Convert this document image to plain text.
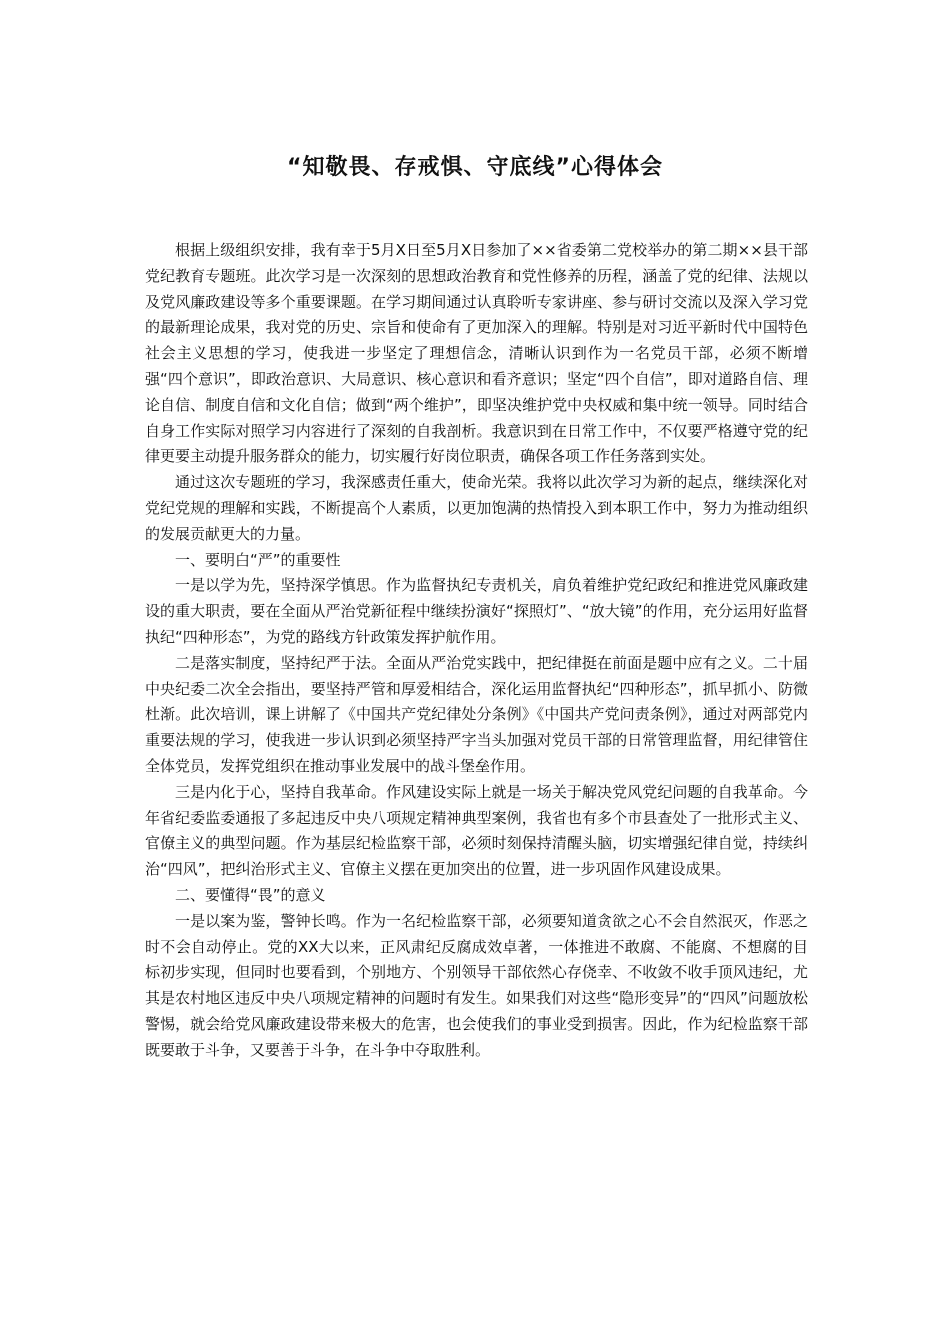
“知敬畏、存戒惧、守底线”心得体会

根据上级组织安排，我有幸于5月X日至5月X日参加了××省委第二党校举办的第二期××县干部党纪教育专题班。此次学习是一次深刻的思想政治教育和党性修养的历程，涵盖了党的纪律、法规以及党风廉政建设等多个重要课题。在学习期间通过认真聆听专家讲座、参与研讨交流以及深入学习党的最新理论成果，我对党的历史、宗旨和使命有了更加深入的理解。特别是对习近平新时代中国特色社会主义思想的学习，使我进一步坚定了理想信念，清晰认识到作为一名党员干部，必须不断增强“四个意识”，即政治意识、大局意识、核心意识和看齐意识；坚定“四个自信”，即对道路自信、理论自信、制度自信和文化自信；做到“两个维护”，即坚决维护党中央权威和集中统一领导。同时结合自身工作实际对照学习内容进行了深刻的自我剖析。我意识到在日常工作中，不仅要严格遵守党的纪律更要主动提升服务群众的能力，切实履行好岗位职责，确保各项工作任务落到实处。

通过这次专题班的学习，我深感责任重大，使命光荣。我将以此次学习为新的起点，继续深化对党纪党规的理解和实践，不断提高个人素质，以更加饱满的热情投入到本职工作中，努力为推动组织的发展贡献更大的力量。

一、要明白“严”的重要性

一是以学为先，坚持深学慎思。作为监督执纪专责机关，肩负着维护党纪政纪和推进党风廉政建设的重大职责，要在全面从严治党新征程中继续扮演好“探照灯”、“放大镜”的作用，充分运用好监督执纪“四种形态”，为党的路线方针政策发挥护航作用。

二是落实制度，坚持纪严于法。全面从严治党实践中，把纪律挺在前面是题中应有之义。二十届中央纪委二次全会指出，要坚持严管和厚爱相结合，深化运用监督执纪“四种形态”，抓早抓小、防微杜渐。此次培训，课上讲解了《中国共产党纪律处分条例》《中国共产党问责条例》，通过对两部党内重要法规的学习，使我进一步认识到必须坚持严字当头加强对党员干部的日常管理监督，用纪律管住全体党员，发挥党组织在推动事业发展中的战斗堡垒作用。

三是内化于心，坚持自我革命。作风建设实际上就是一场关于解决党风党纪问题的自我革命。今年省纪委监委通报了多起违反中央八项规定精神典型案例，我省也有多个市县查处了一批形式主义、官僚主义的典型问题。作为基层纪检监察干部，必须时刻保持清醒头脑，切实增强纪律自觉，持续纠治“四风”，把纠治形式主义、官僚主义摆在更加突出的位置，进一步巩固作风建设成果。

二、要懂得“畏”的意义

一是以案为鉴，警钟长鸣。作为一名纪检监察干部，必须要知道贪欲之心不会自然泯灭，作恶之时不会自动停止。党的XX大以来，正风肃纪反腐成效卓著，一体推进不敢腐、不能腐、不想腐的目标初步实现，但同时也要看到，个别地方、个别领导干部依然心存侥幸、不收敛不收手顶风违纪，尤其是农村地区违反中央八项规定精神的问题时有发生。如果我们对这些“隐形变异”的“四风”问题放松警惕，就会给党风廉政建设带来极大的危害，也会使我们的事业受到损害。因此，作为纪检监察干部既要敢于斗争，又要善于斗争，在斗争中夺取胜利。
